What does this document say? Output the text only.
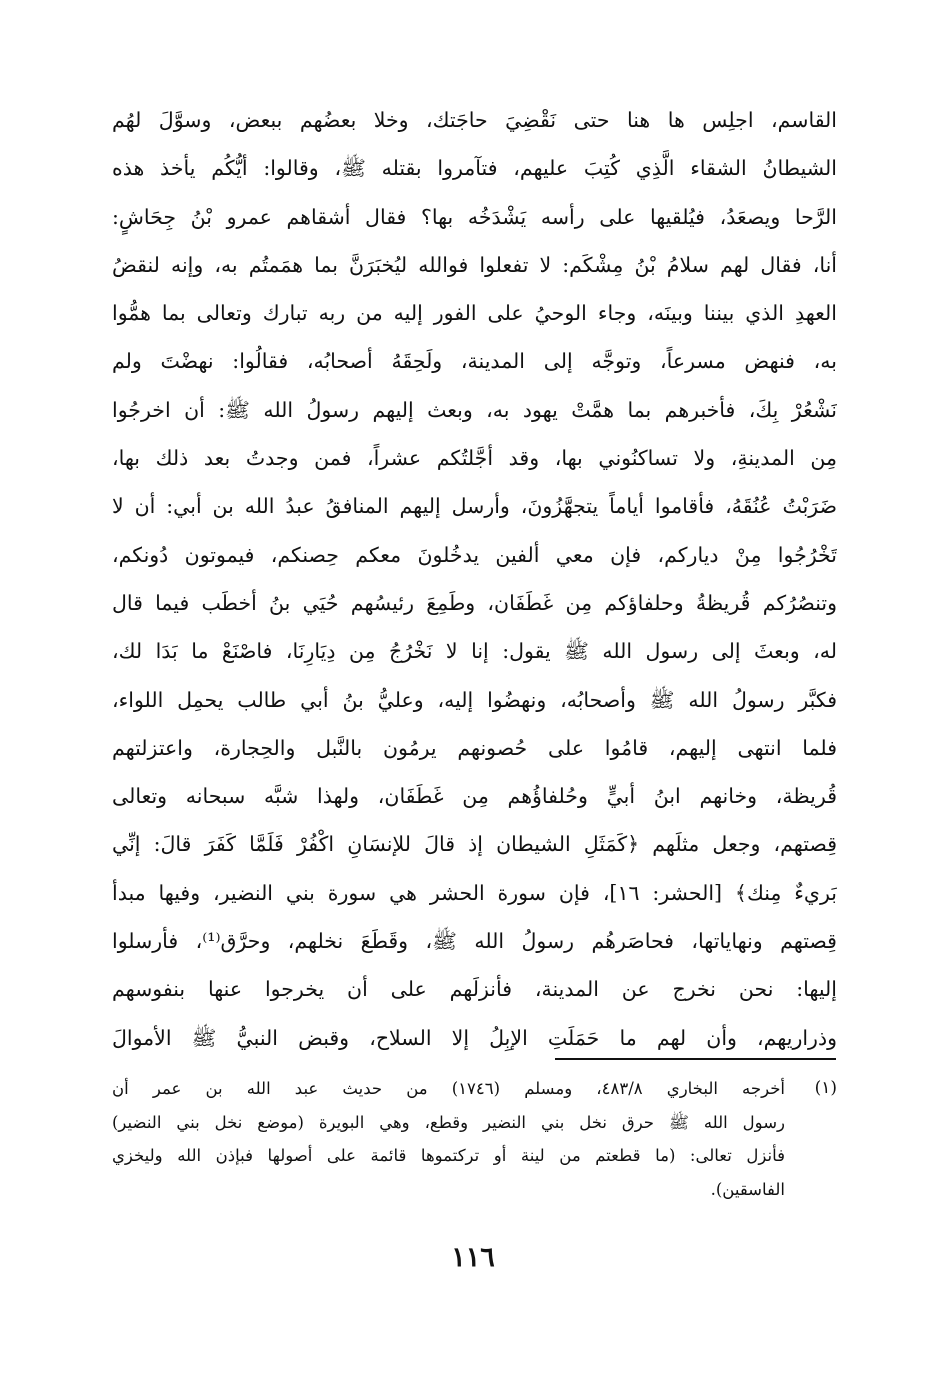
القاسم، اجلِس ها هنا حتى نَقْضِيَ حاجَتك، وخلا بعضُهم ببعض، وسوَّلَ لهُم
الشيطانُ الشقاء الَّذِي كُتِبَ عليهم، فتآمروا بقتله ﷺ، وقالوا: أيُّكُم يأخذ هذه
الرَّحا ويصعَدُ، فيُلقيها على رأسه يَشْدَخُه بها؟ فقال أشقاهم عمرو بْنُ جِحَاشٍ:
أنا، فقال لهم سلامُ بْنُ مِشْكَم: لا تفعلوا فوالله ليُخبَرَنَّ بما همَمتُم به، وإنه لنقضُ
العهدِ الذي بيننا وبينَه، وجاء الوحيُ على الفور إليه من ربه تبارك وتعالى بما همُّوا
به، فنهض مسرعاً، وتوجَّه إلى المدينة، ولَحِقَهُ أصحابُه، فقالُوا: نهضْتَ ولم
نَشْعُرْ بِكَ، فأخبرهم بما همَّتْ يهود به، وبعث إليهم رسولُ الله ﷺ: أن اخرجُوا
مِن المدينةِ، ولا تساكنُوني بها، وقد أجَّلتُكم عشراً، فمن وجدتُ بعد ذلك بها،
ضَرَبْتُ عُنُقَهُ، فأقاموا أياماً يتجهَّزُونَ، وأرسل إليهم المنافقُ عبدُ الله بن أبي: أن لا
تَخْرُجُوا مِنْ دياركم، فإن معي ألفين يدخُلونَ معكم حِصنكم، فيموتون دُونكم،
وتنصُرُكم قُريظةُ وحلفاؤكم مِن غَطَفَان، وطَمِعَ رئيسُهم حُيَي بنُ أخطَب فيما قال
له، وبعثَ إلى رسول الله ﷺ يقول: إنا لا نَخْرُجُ مِن دِيَارِنَا، فاصْنَعْ ما بَدَا لك،
فكبَّر رسولُ الله ﷺ وأصحابُه، ونهضُوا إليه، وعليُّ بنُ أبي طالب يحمِل اللواء،
فلما انتهى إليهم، قامُوا على حُصونهم يرمُون بالنَّبل والحِجارة، واعتزلتهم
قُريظة، وخانهم ابنُ أبيٍّ وحُلفاؤُهم مِن غَطَفَان، ولهذا شبَّه سبحانه وتعالى
قِصتهم، وجعل مثلَهم ﴿كَمَثَلِ الشيطان إذ قالَ للإنسَانِ اكْفُرْ فَلَمَّا كَفَرَ قالَ: إنِّي
بَريءٌ مِنك﴾ [الحشر: ١٦]، فإن سورة الحشر هي سورة بني النضير، وفيها مبدأ
قِصتهم ونهاياتها، فحاصَرهُم رسولُ الله ﷺ، وقَطَعَ نخلهم، وحرَّق⁽¹⁾، فأرسلوا
إليها: نحن نخرج عن المدينة، فأنزلَهم على أن يخرجوا عنها بنفوسهم
وذراريهم، وأن لهم ما حَمَلَتِ الإبِلُ إلا السلاح، وقبض النبيُّ ﷺ الأموالَ
(١)
أخرجه البخاري ٤٨٣/٨، ومسلم (١٧٤٦) من حديث عبد الله بن عمر أن
رسول الله ﷺ حرق نخل بني النضير وقطع، وهي البويرة (موضع نخل بني النضير)
فأنزل تعالى: (ما قطعتم من لينة أو تركتموها قائمة على أصولها فبإذن الله وليخزي
الفاسقين).
١١٦
